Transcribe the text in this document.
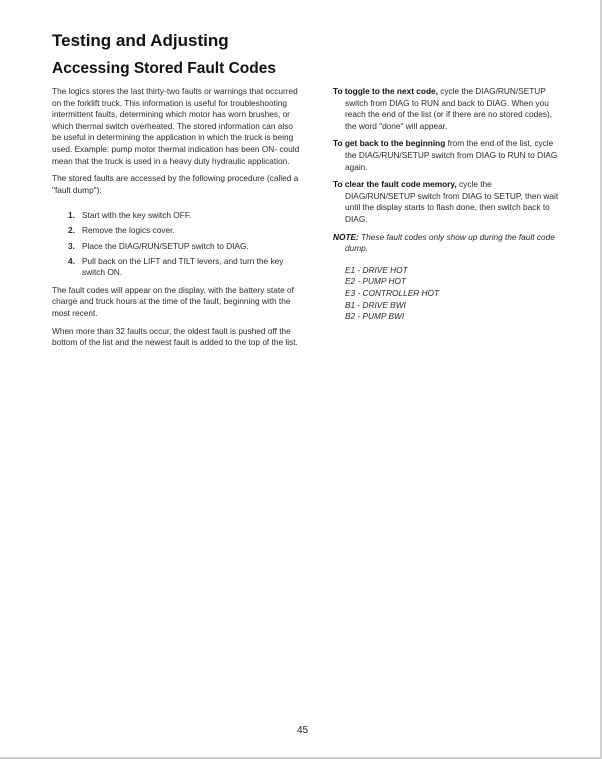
Testing and Adjusting
Accessing Stored Fault Codes

The logics stores the last thirty-two faults or warnings that occurred on the forklift truck. This information is useful for troubleshooting intermittent faults, determining which motor has worn brushes, or which thermal switch overheated. The stored information can also be useful in determining the application in which the truck is being used. Example: pump motor thermal indication has been ON- could mean that the truck is used in a heavy duty hydraulic application.

The stored faults are accessed by the following procedure (called a "fault dump"):

1. Start with the key switch OFF.
2. Remove the logics cover.
3. Place the DIAG/RUN/SETUP switch to DIAG.
4. Pull back on the LIFT and TILT levers, and turn the key switch ON.

The fault codes will appear on the display, with the battery state of charge and truck hours at the time of the fault, beginning with the most recent.

When more than 32 faults occur, the oldest fault is pushed off the bottom of the list and the newest fault is added to the top of the list.

To toggle to the next code, cycle the DIAG/RUN/SETUP switch from DIAG to RUN and back to DIAG. When you reach the end of the list (or if there are no stored codes), the word "done" will appear.

To get back to the beginning from the end of the list, cycle the DIAG/RUN/SETUP switch from DIAG to RUN to DIAG again.

To clear the fault code memory, cycle the DIAG/RUN/SETUP switch from DIAG to SETUP, then wait until the display starts to flash done, then switch back to DIAG.

NOTE: These fault codes only show up during the fault code dump.

E1 - DRIVE HOT
E2 - PUMP HOT
E3 - CONTROLLER HOT
B1 - DRIVE BWI
B2 - PUMP BWI
45
